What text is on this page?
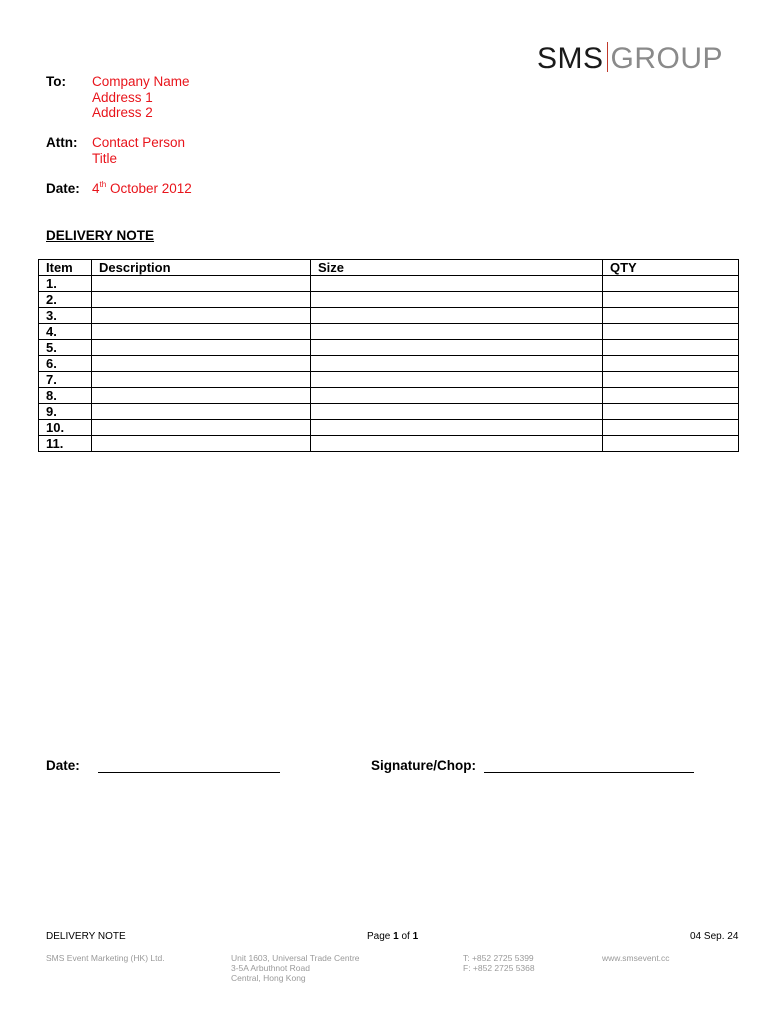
SMS GROUP
To: Company Name
Address 1
Address 2
Attn: Contact Person
Title
Date: 4th October 2012
DELIVERY NOTE
Item	Description	Size	QTY
1.			
2.			
3.			
4.			
5.			
6.			
7.			
8.			
9.			
10.			
11.			
Date:	Signature/Chop:
DELIVERY NOTE	Page 1 of 1	04 Sep. 24
SMS Event Marketing (HK) Ltd.	Unit 1603, Universal Trade Centre
3-5A Arbuthnot Road
Central, Hong Kong
T: +852 2725 5399
F: +852 2725 5368
www.smsevent.cc
